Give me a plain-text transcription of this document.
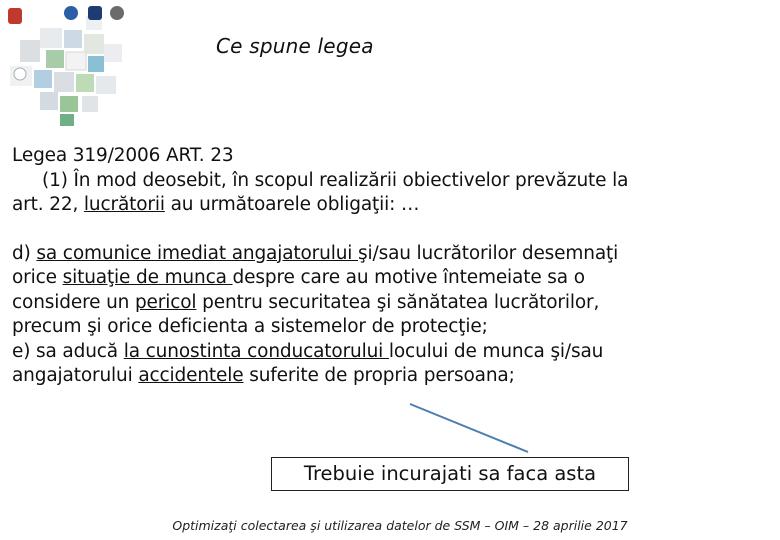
Ce spune legea
Legea 319/2006 ART. 23
(1) În mod deosebit, în scopul realizării obiectivelor prevăzute la
art. 22, lucrătorii au următoarele obligaţii: …
d) sa comunice imediat angajatorului şi/sau lucrătorilor desemnaţi
orice situaţie de munca despre care au motive întemeiate sa o
considere un pericol pentru securitatea şi sănătatea lucrătorilor,
precum şi orice deficienta a sistemelor de protecţie;
e) sa aducă la cunostinta conducatorului locului de munca şi/sau
angajatorului accidentele suferite de propria persoana;
Trebuie incurajati sa faca asta
Optimizaţi colectarea şi utilizarea datelor de SSM – OIM – 28 aprilie 2017
